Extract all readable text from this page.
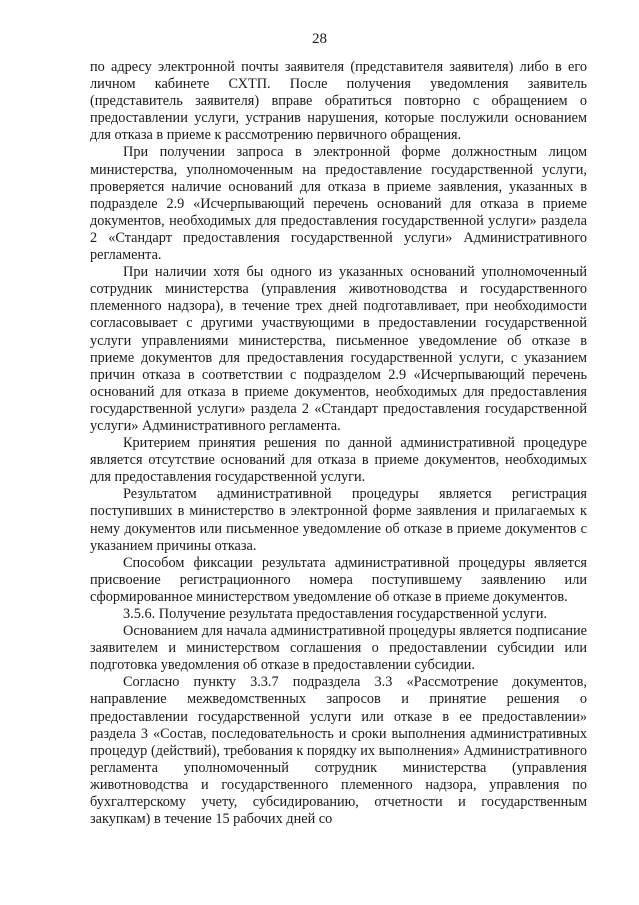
28

по адресу электронной почты заявителя (представителя заявителя) либо в его личном кабинете СХТП. После получения уведомления заявитель (представитель заявителя) вправе обратиться повторно с обращением о предоставлении услуги, устранив нарушения, которые послужили основанием для отказа в приеме к рассмотрению первичного обращения.

При получении запроса в электронной форме должностным лицом министерства, уполномоченным на предоставление государственной услуги, проверяется наличие оснований для отказа в приеме заявления, указанных в подразделе 2.9 «Исчерпывающий перечень оснований для отказа в приеме документов, необходимых для предоставления государственной услуги» раздела 2 «Стандарт предоставления государственной услуги» Административного регламента.

При наличии хотя бы одного из указанных оснований уполномоченный сотрудник министерства (управления животноводства и государственного племенного надзора), в течение трех дней подготавливает, при необходимости согласовывает с другими участвующими в предоставлении государственной услуги управлениями министерства, письменное уведомление об отказе в приеме документов для предоставления государственной услуги, с указанием причин отказа в соответствии с подразделом 2.9 «Исчерпывающий перечень оснований для отказа в приеме документов, необходимых для предоставления государственной услуги» раздела 2 «Стандарт предоставления государственной услуги» Административного регламента.

Критерием принятия решения по данной административной процедуре является отсутствие оснований для отказа в приеме документов, необходимых для предоставления государственной услуги.

Результатом административной процедуры является регистрация поступивших в министерство в электронной форме заявления и прилагаемых к нему документов или письменное уведомление об отказе в приеме документов с указанием причины отказа.

Способом фиксации результата административной процедуры является присвоение регистрационного номера поступившему заявлению или сформированное министерством уведомление об отказе в приеме документов.

3.5.6. Получение результата предоставления государственной услуги.

Основанием для начала административной процедуры является подписание заявителем и министерством соглашения о предоставлении субсидии или подготовка уведомления об отказе в предоставлении субсидии.

Согласно пункту 3.3.7 подраздела 3.3 «Рассмотрение документов, направление межведомственных запросов и принятие решения о предоставлении государственной услуги или отказе в ее предоставлении» раздела 3 «Состав, последовательность и сроки выполнения административных процедур (действий), требования к порядку их выполнения» Административного регламента уполномоченный сотрудник министерства (управления животноводства и государственного племенного надзора, управления по бухгалтерскому учету, субсидированию, отчетности и государственным закупкам) в течение 15 рабочих дней со
